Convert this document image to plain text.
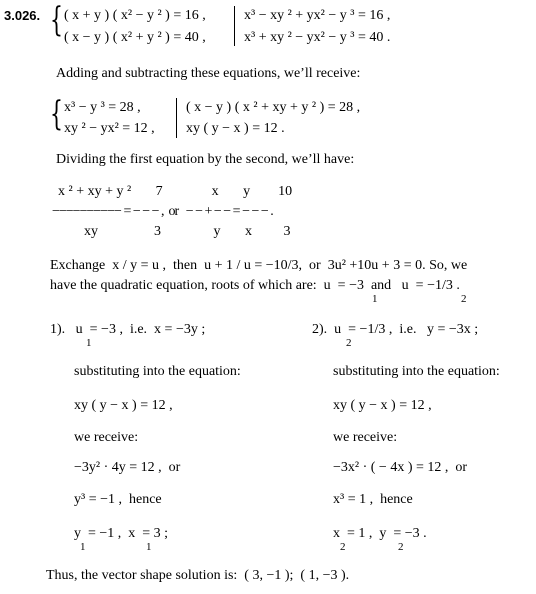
3.026. { ( x + y ) ( x² − y ² ) = 16 ,
( x − y ) ( x² + y ² ) = 40 ,
x³ − xy ² + yx² − y ³ = 16 ,
x³ + xy ² − yx² − y ³ = 40 .
Adding and subtracting these equations, we’ll receive:
{ x³ − y ³ = 28 ,
xy ² − yx² = 12 ,
( x − y ) ( x ² + xy + y ² ) = 28 ,
xy ( y − x ) = 12 .
Dividing the first equation by the second, we’ll have:
x ² + xy + y ²       7              x       y        10
−−−−−−−−−− = − − − ,  or   − − + − − = − − − .
xy                3               y       x         3
Exchange  x / y = u ,  then  u + 1 / u = −10/3,  or  3u² +10u + 3 = 0. So, we
have the quadratic equation, roots of which are:  u  = −3  and   u  = −1/3 .
1	2
1).   u  = −3 ,  i.e.  x = −3y ;
1
substituting into the equation:
xy ( y − x ) = 12 ,
we receive:
−3y² · 4y = 12 ,  or
y³ = −1 ,  hence
y  = −1 ,  x  = 3 ;
1	1
2).  u  = −1/3 ,  i.e.   y = −3x ;
2
substituting into the equation:
xy ( y − x ) = 12 ,
we receive:
−3x² · ( − 4x ) = 12 ,  or
x³ = 1 ,  hence
x  = 1 ,  y  = −3 .
2	2
Thus, the vector shape solution is:  ( 3, −1 );  ( 1, −3 ).
